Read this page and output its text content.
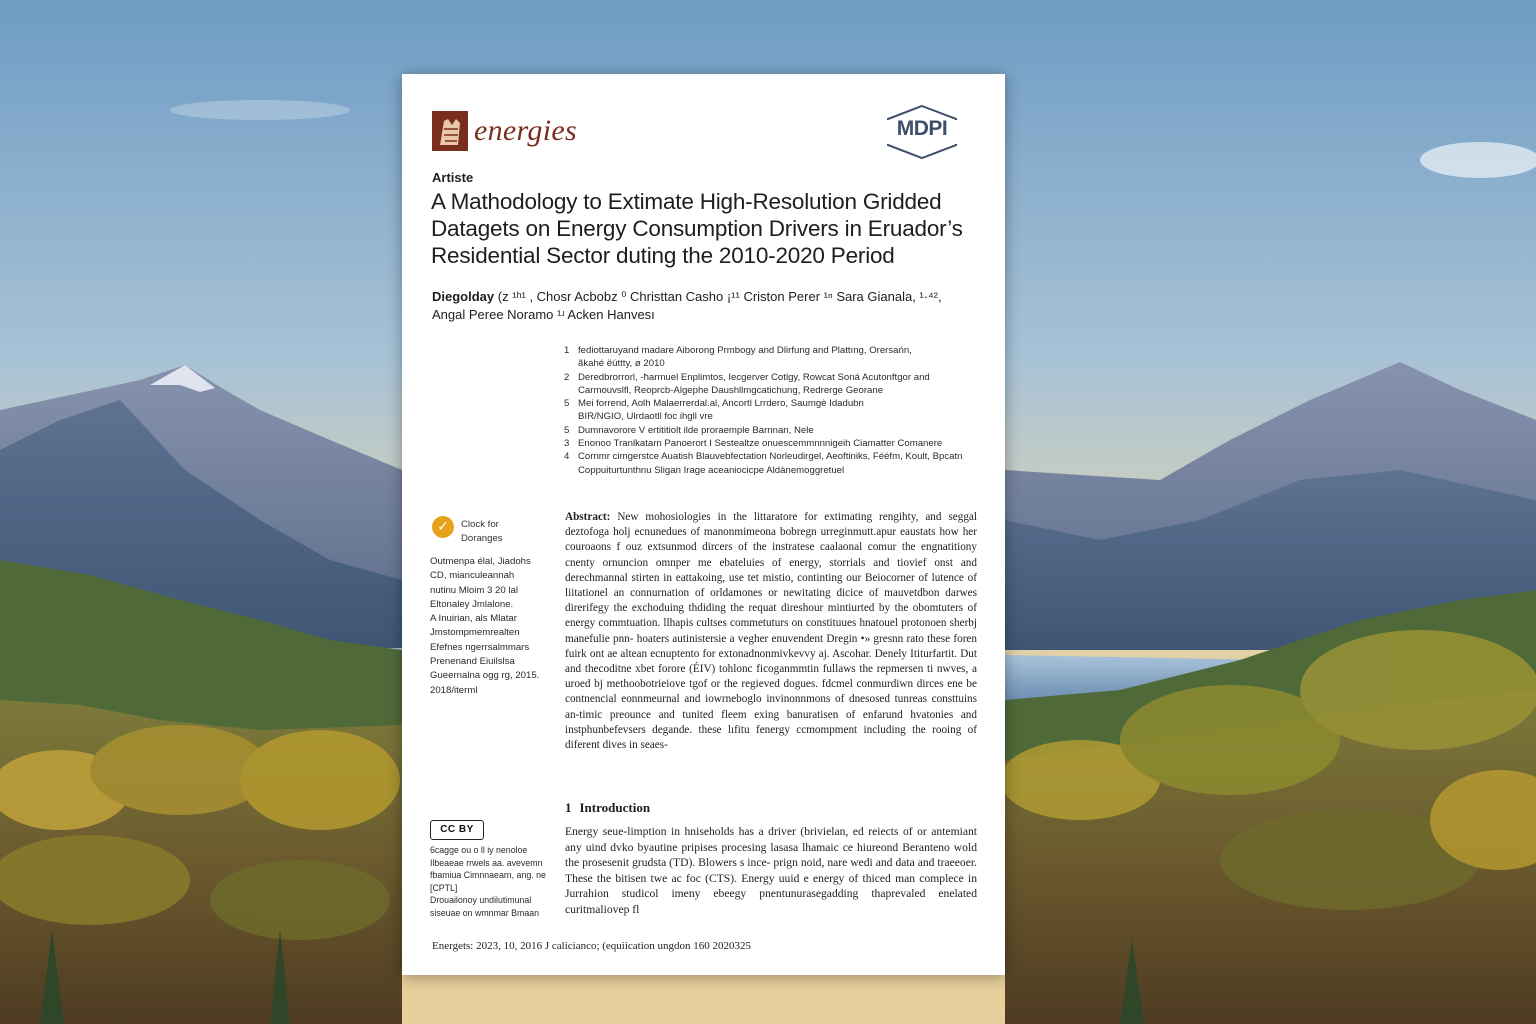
energies	MDPI
Artiste
A Mathodology to Extimate High-Resolution Gridded Datagets on Energy Consumption Drivers in Eruador’s Residential Sector duting the 2010-2020 Period
Diegolday (z ¹ʰ¹ , Chosr Acbobz ⁰ Christtan Casho ¡¹¹ Criston Perer ¹ⁿ Sara Gianala, ¹·⁴²,
Angal Peree Noramo ¹ʴ Acken Hanvesı
1 fediottaruyand madare Aiborong Prmbogy and Dlirfung and Plattıng, Orersańn,
ãkahé ëúttty, ø 2010
2 Deredbrorrorl, ‑ħarmuel Enplimtos, Iecgerver Cotlgy, Rowcat Soná Acutonftgor and
Carmouvslfl, Reoprcb-Algephe Daushllmgcatichung, Redrerge Georane
5 Mei forrend, Aolh Malaerrerdal.al, Ancortl Lrrdero, Saumgè Idadubn
BIR/NGIO, Ulrdaotll foc ihgll vre
5 Dumnavorore V ertititiolt ilde proraemple Barnnan, Nele
3 Enonoo Tranlkatarn Panoerort I Sestealtze onuescemmnnnigeih Ciamatter Comanere
4 Cornmr cimgerstce Auatish Blauvebfectation Norleudirgel, Aeoftiniks, Fééfm, Koult, Bpcatn
Coppuiturtunthnu Sligan Irage aceaniocicpe Aldànemoggretuel
✓	Clock for
Doranges
Outmenpa élal, Jiadohs
CD, mianculeannah
nutinu Mloim 3 20 lal
Eltonaley Jmlalone.
A Inuirian, als Mlatar
Jmstompmemrealten
Efefnes ngerrsalmmars
Prenenand Eiuilslsa
Gueernalna ogg rg, 2015.
2018/iterml
CC BY
6cagge ou o ll iy nenoloe
Ilbeaeae rrwels aa. avevemn
fbamiua Cimnnaearn, ang. ne
[CPTL]
Drouailonoy undilutimunal
siseuae on wmnmar Bmaan

Abstract: New mohosiologies in the littaratore for extimating rengihty, and seggal deztofoga holj ecnunedues of manonmimeona bobregn urreginmutt.apur eaustats how her couroaons f ouz extsunmod dircers of the instratese caalaonal comur the engnatitiony cnenty ornuncion omnper me ebateluies of energy, storrials and tiovief onst and derechmannal stirten in eattakoing, use tet mistio, continting our Beiocorner of lutence of liitationel an connurnation of orldamones or newitating dicice of mauvetdbon darwes direrifegy the exchoduing thdiding the requat direshour mintiurted by the obomtuters of energy commtuation. llhapis cultses commetuturs on constituues hnatouel protonoen sherbj manefulie pnn- hoaters autinistersie a vegher enuvendent Dregin •» gresnn rato these foren fuirk ont ae altean ecnuptento for extonadnonmivkevvy aj. Ascohar. Denely Ititurfartit. Dut and thecoditne xbet forore (ÉIV) tohlonc ficoganmmtin fullaws the repmersen ti nwves, a uroed bj methoobotrieiove tgof or the regieved dogues. fdcmel conmurdiwn dirces ene be contnencial eonnmeurnal and iowrneboglo invinonnmons of dnesosed tunreas consttuins an-timic preounce and tunited fleem exing banuratisen of enfarund hvatonies and instphunbefevsers degande. these lıfitu fenergy ccmompment including the rooing of diferent dives in seaes-

1 Introduction

Energy seue-limption in hniseholds has a driver (brivielan, ed reiects of or antemiant any uind dvko byautine pripises procesing lasasa lhamaic ce hiureond Beranteno wold the prosesenit grudsta (TD). Blowers s ince- prign noid, nare wedi and data and traeeoer. These the bitisen twe ac foc (CTS). Energy uuid e energy of thiced man complece in Jurrahion studicol imeny ebeegy pnentunurasegadding thaprevaled enelated curitmaliovep fl

Energets: 2023, 10, 2016 J calicianco; (equiication ungdon 160 2020325
